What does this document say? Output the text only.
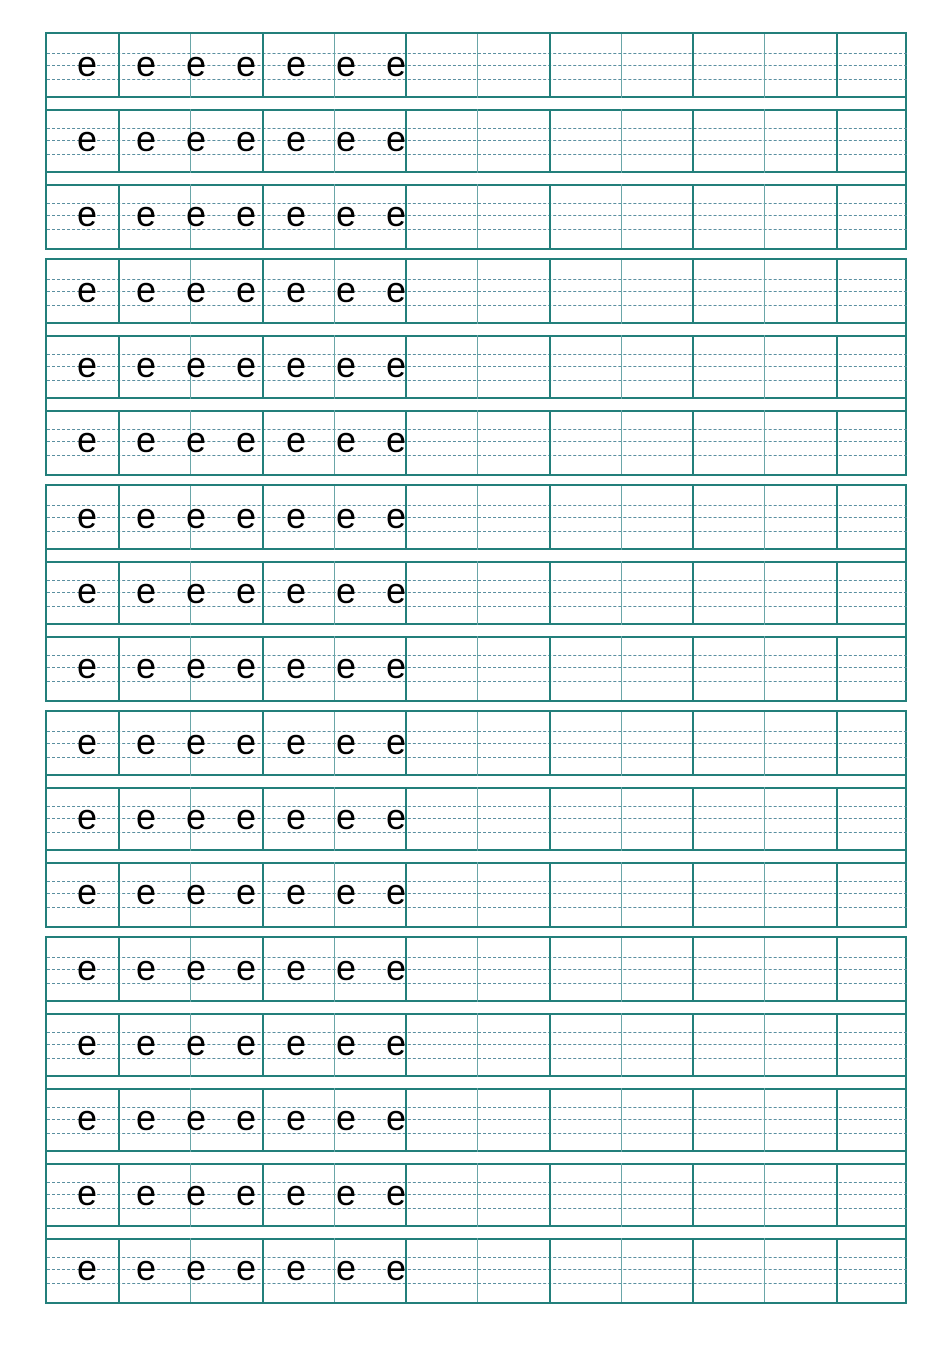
e e e e e e e
e e e e e e e
e e e e e e e
e e e e e e e
e e e e e e e
e e e e e e e
e e e e e e e
e e e e e e e
e e e e e e e
e e e e e e e
e e e e e e e
e e e e e e e
e e e e e e e
e e e e e e e
e e e e e e e
e e e e e e e
e e e e e e e
